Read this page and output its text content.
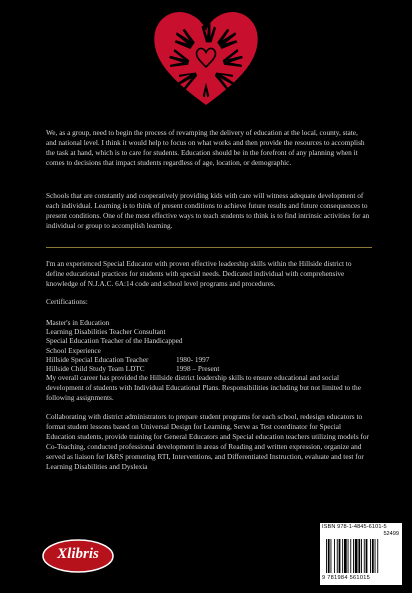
We, as a group, need to begin the process of revamping the delivery of education at the local, county, state, and national level. I think it would help to focus on what works and then provide the resources to accomplish the task at hand, which is to care for students. Education should be in the forefront of any planning when it comes to decisions that impact students regardless of age, location, or demographic.

Schools that are constantly and cooperatively providing kids with care will witness adequate development of each individual. Learning is to think of present conditions to achieve future results and future consequences to present conditions. One of the most effective ways to teach students to think is to find intrinsic activities for an individual or group to accomplish learning.

I'm an experienced Special Educator with proven effective leadership skills within the Hillside district to define educational practices for students with special needs. Dedicated individual with comprehensive knowledge of N.J.A.C. 6A:14 code and school level programs and procedures.

Certifications:

Master's in Education
Learning Disabilities Teacher Consultant
Special Education Teacher of the Handicapped
School Experience
Hillside Special Education Teacher	1980- 1997
Hillside Child Study Team LDTC	1998 – Present

My overall career has provided the Hillside district leadership skills to ensure educational and social development of students with Individual Educational Plans. Responsibilities including but not limited to the following assignments.

Collaborating with district administrators to prepare student programs for each school, redesign educators to format student lessons based on Universal Design for Learning, Serve as Test coordinator for Special Education students, provide training for General Educators and Special education teachers utilizing models for Co-Teaching, conducted professional development in areas of Reading and written expression, organize and served as liaison for I&RS promoting RTI, Interventions, and Differentiated Instruction, evaluate and test for Learning Disabilities and Dyslexia

Xlibris
ISBN 978-1-4845-6101-5
52499
9 781984 561015
